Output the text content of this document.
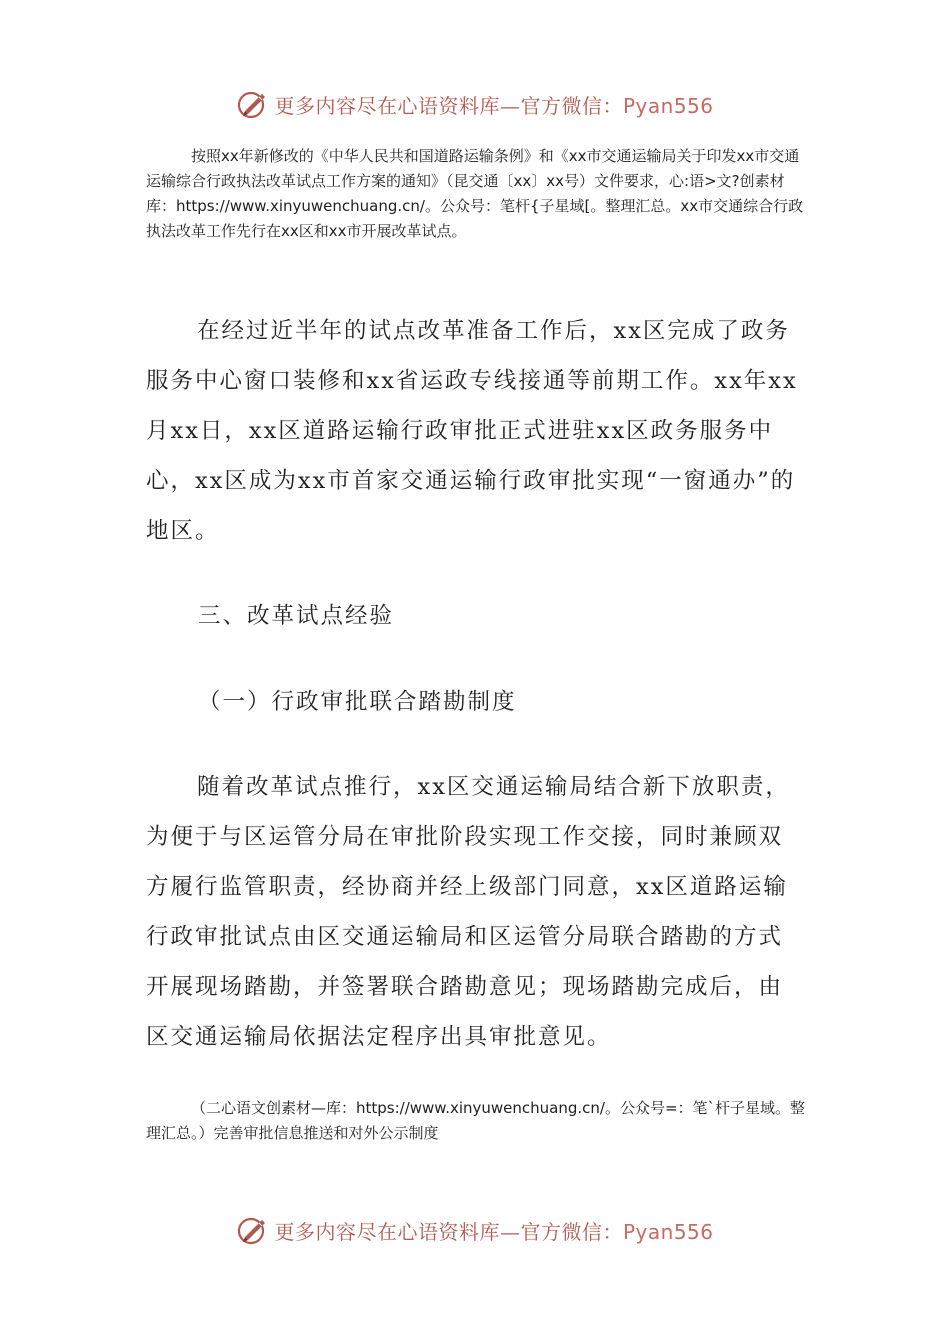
更多内容尽在心语资料库—官方微信：Pyan556
按照xx年新修改的《中华人民共和国道路运输条例》和《xx市交通运输局关于印发xx市交通运输综合行政执法改革试点工作方案的通知》（昆交通〔xx〕xx号）文件要求，心:语>文?创素材库：https://www.xinyuwenchuang.cn/。公众号：笔杆{子星域[。整理汇总。xx市交通综合行政执法改革工作先行在xx区和xx市开展改革试点。
在经过近半年的试点改革准备工作后，xx区完成了政务服务中心窗口装修和xx省运政专线接通等前期工作。xx年xx月xx日，xx区道路运输行政审批正式进驻xx区政务服务中心，xx区成为xx市首家交通运输行政审批实现“一窗通办”的地区。
三、改革试点经验
（一）行政审批联合踏勘制度
随着改革试点推行，xx区交通运输局结合新下放职责，为便于与区运管分局在审批阶段实现工作交接，同时兼顾双方履行监管职责，经协商并经上级部门同意，xx区道路运输行政审批试点由区交通运输局和区运管分局联合踏勘的方式开展现场踏勘，并签署联合踏勘意见；现场踏勘完成后，由区交通运输局依据法定程序出具审批意见。
（二心语文创素材—库：https://www.xinyuwenchuang.cn/。公众号=：笔`杆子星域。整理汇总。）完善审批信息推送和对外公示制度
更多内容尽在心语资料库—官方微信：Pyan556
